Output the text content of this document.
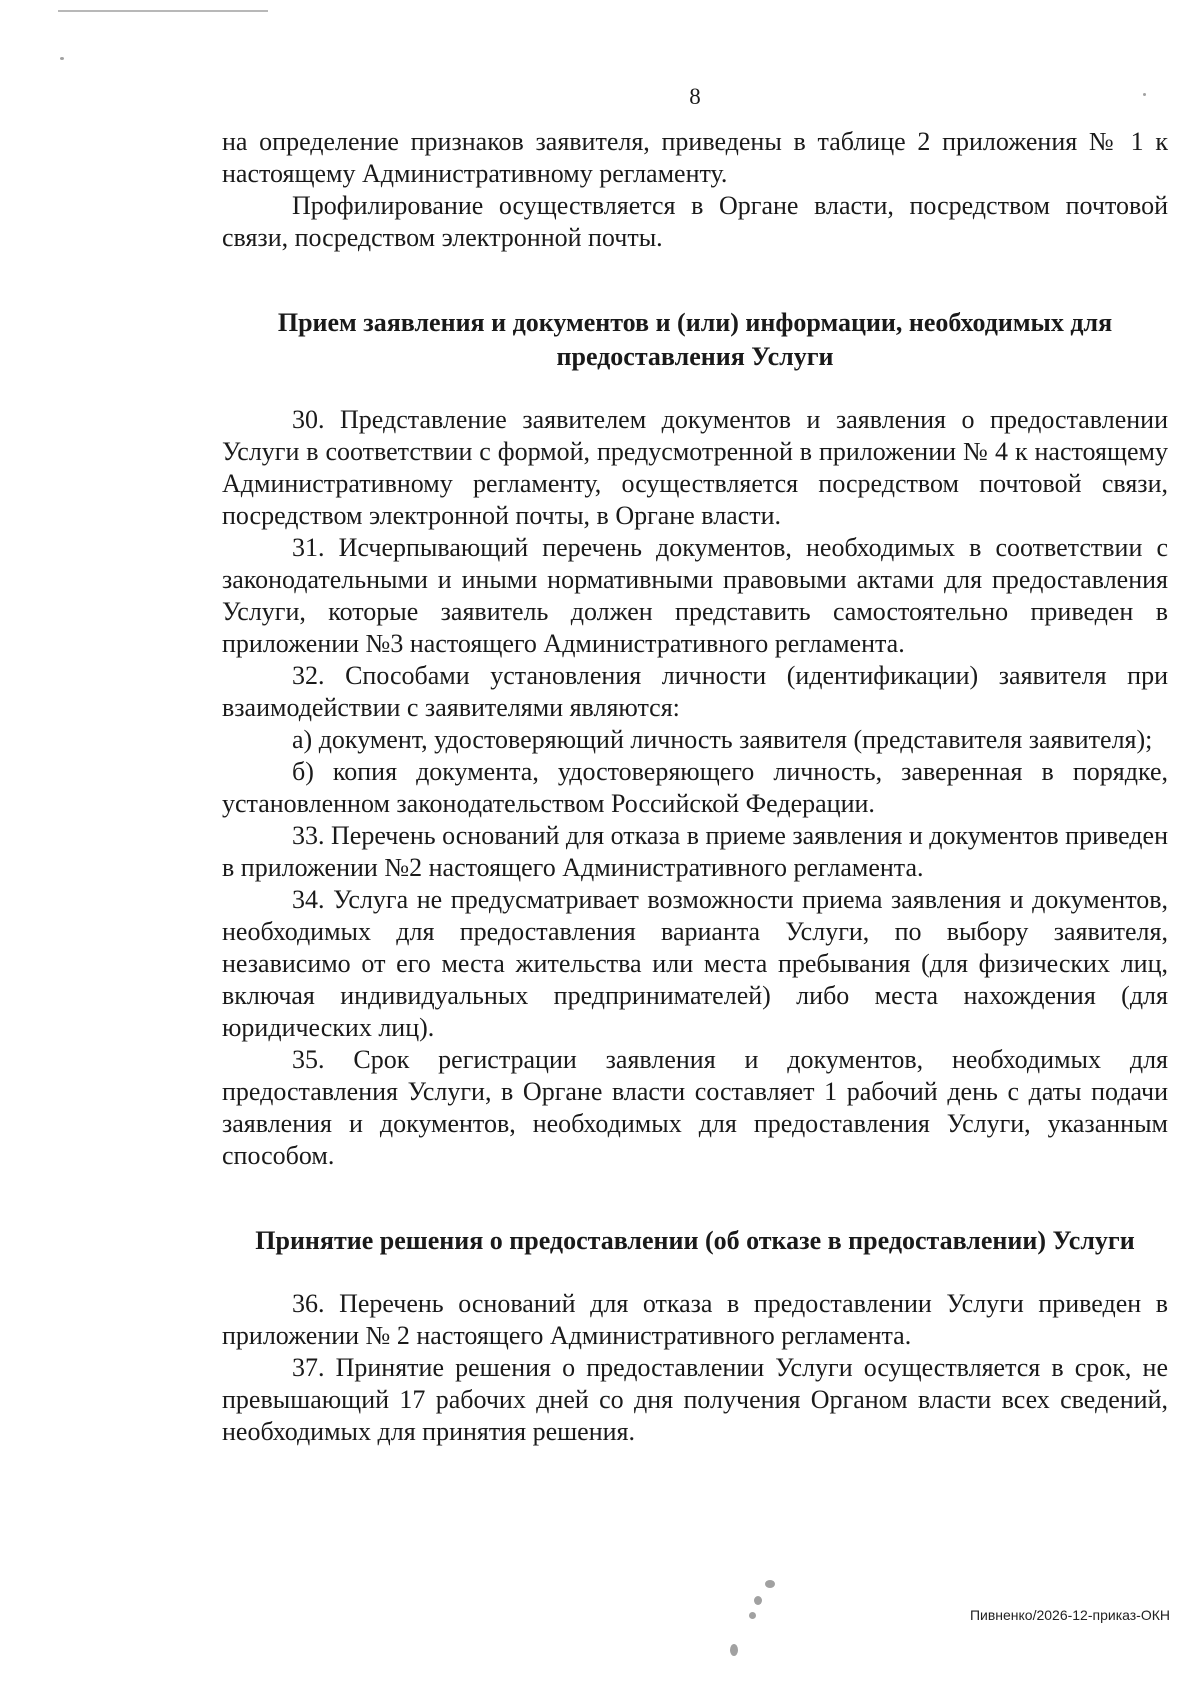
8

на определение признаков заявителя, приведены в таблице 2 приложения № 1 к настоящему Административному регламенту.

Профилирование осуществляется в Органе власти, посредством почтовой связи, посредством электронной почты.

Прием заявления и документов и (или) информации, необходимых для предоставления Услуги

30. Представление заявителем документов и заявления о предоставлении Услуги в соответствии с формой, предусмотренной в приложении № 4 к настоящему Административному регламенту, осуществляется посредством почтовой связи, посредством электронной почты, в Органе власти.

31. Исчерпывающий перечень документов, необходимых в соответствии с законодательными и иными нормативными правовыми актами для предоставления Услуги, которые заявитель должен представить самостоятельно приведен в приложении №3 настоящего Административного регламента.

32. Способами установления личности (идентификации) заявителя при взаимодействии с заявителями являются:

а) документ, удостоверяющий личность заявителя (представителя заявителя);

б) копия документа, удостоверяющего личность, заверенная в порядке, установленном законодательством Российской Федерации.

33. Перечень оснований для отказа в приеме заявления и документов приведен в приложении №2 настоящего Административного регламента.

34. Услуга не предусматривает возможности приема заявления и документов, необходимых для предоставления варианта Услуги, по выбору заявителя, независимо от его места жительства или места пребывания (для физических лиц, включая индивидуальных предпринимателей) либо места нахождения (для юридических лиц).

35. Срок регистрации заявления и документов, необходимых для предоставления Услуги, в Органе власти составляет 1 рабочий день с даты подачи заявления и документов, необходимых для предоставления Услуги, указанным способом.

Принятие решения о предоставлении (об отказе в предоставлении) Услуги

36. Перечень оснований для отказа в предоставлении Услуги приведен в приложении № 2 настоящего Административного регламента.

37. Принятие решения о предоставлении Услуги осуществляется в срок, не превышающий 17 рабочих дней со дня получения Органом власти всех сведений, необходимых для принятия решения.

Пивненко/2026-12-приказ-ОКН
